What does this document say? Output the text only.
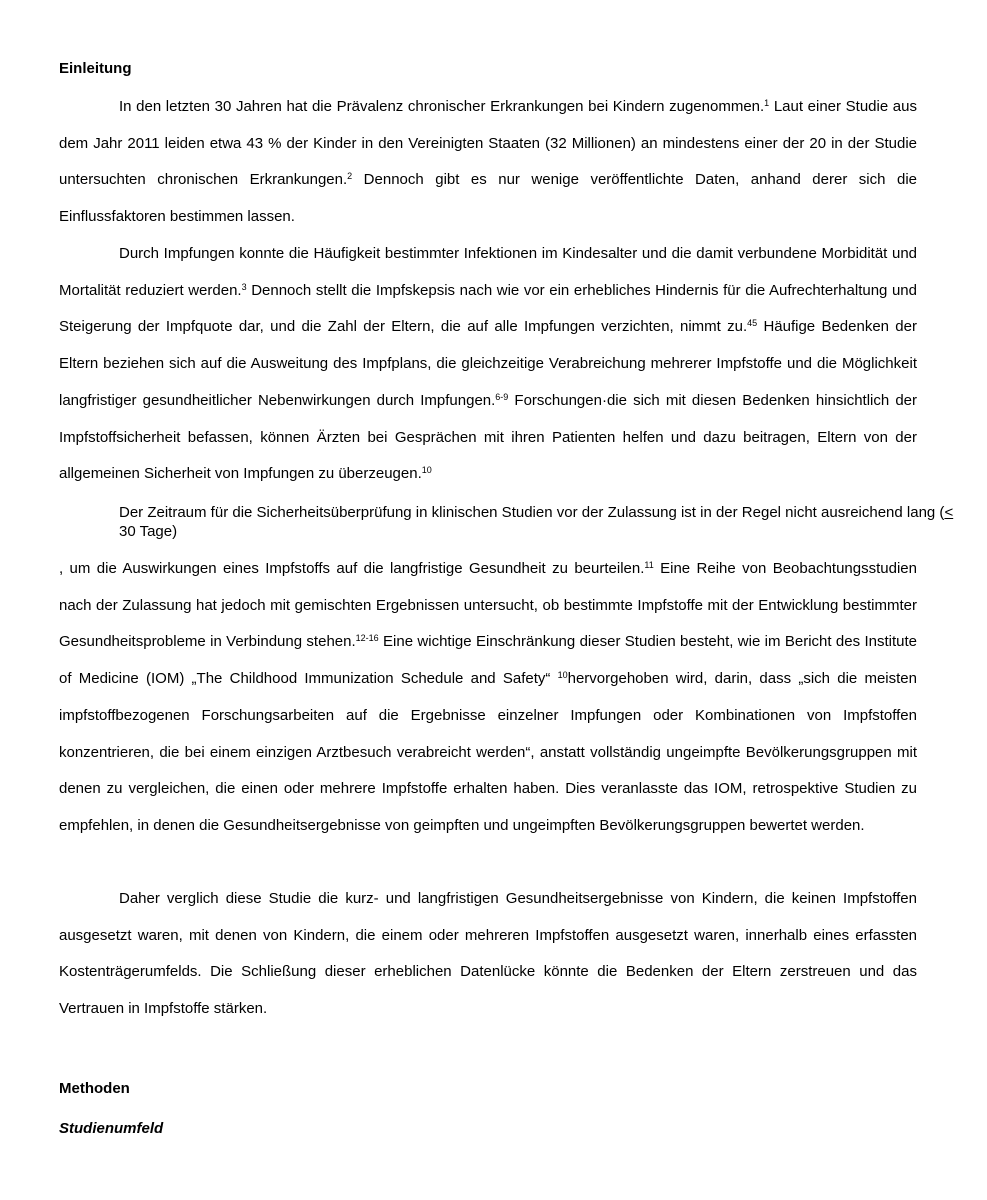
Einleitung

In den letzten 30 Jahren hat die Prävalenz chronischer Erkrankungen bei Kindern zugenommen.$^1$ Laut einer Studie aus dem Jahr 2011 leiden etwa 43 % der Kinder in den Vereinigten Staaten (32 Millionen) an mindestens einer der 20 in der Studie untersuchten chronischen Erkrankungen.$^2$ Dennoch gibt es nur wenige veröffentlichte Daten, anhand derer sich die Einflussfaktoren bestimmen lassen.

Durch Impfungen konnte die Häufigkeit bestimmter Infektionen im Kindesalter und die damit verbundene Morbidität und Mortalität reduziert werden.$^3$ Dennoch stellt die Impfskepsis nach wie vor ein erhebliches Hindernis für die Aufrechterhaltung und Steigerung der Impfquote dar, und die Zahl der Eltern, die auf alle Impfungen verzichten, nimmt zu.$^{45}$ Häufige Bedenken der Eltern beziehen sich auf die Ausweitung des Impfplans, die gleichzeitige Verabreichung mehrerer Impfstoffe und die Möglichkeit langfristiger gesundheitlicher Nebenwirkungen durch Impfungen.$^{6-9}$ Forschungen·die sich mit diesen Bedenken hinsichtlich der Impfstoffsicherheit befassen, können Ärzten bei Gesprächen mit ihren Patienten helfen und dazu beitragen, Eltern von der allgemeinen Sicherheit von Impfungen zu überzeugen.$^{10}$

Der Zeitraum für die Sicherheitsüberprüfung in klinischen Studien vor der Zulassung ist in der Regel nicht ausreichend lang (< 30 Tage)

, um die Auswirkungen eines Impfstoffs auf die langfristige Gesundheit zu beurteilen.$^{11}$ Eine Reihe von Beobachtungsstudien nach der Zulassung hat jedoch mit gemischten Ergebnissen untersucht, ob bestimmte Impfstoffe mit der Entwicklung bestimmter Gesundheitsprobleme in Verbindung stehen.$^{12-16}$ Eine wichtige Einschränkung dieser Studien besteht, wie im Bericht des Institute of Medicine (IOM) „The Childhood Immunization Schedule and Safety“ $^{10}$hervorgehoben wird, darin, dass „sich die meisten impfstoffbezogenen Forschungsarbeiten auf die Ergebnisse einzelner Impfungen oder Kombinationen von Impfstoffen konzentrieren, die bei einem einzigen Arztbesuch verabreicht werden“, anstatt vollständig ungeimpfte Bevölkerungsgruppen mit denen zu vergleichen, die einen oder mehrere Impfstoffe erhalten haben. Dies veranlasste das IOM, retrospektive Studien zu empfehlen, in denen die Gesundheitsergebnisse von geimpften und ungeimpften Bevölkerungsgruppen bewertet werden.

Daher verglich diese Studie die kurz- und langfristigen Gesundheitsergebnisse von Kindern, die keinen Impfstoffen ausgesetzt waren, mit denen von Kindern, die einem oder mehreren Impfstoffen ausgesetzt waren, innerhalb eines erfassten Kostenträgerumfelds. Die Schließung dieser erheblichen Datenlücke könnte die Bedenken der Eltern zerstreuen und das Vertrauen in Impfstoffe stärken.

Methoden
Studienumfeld
